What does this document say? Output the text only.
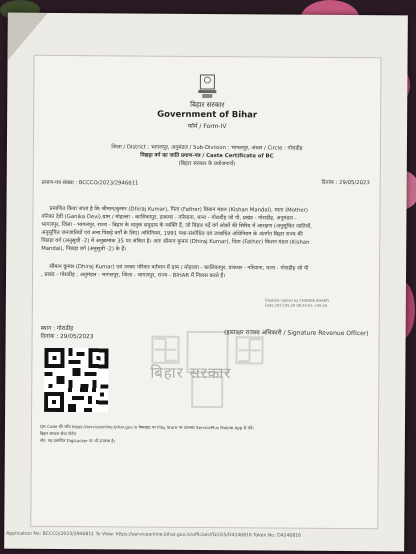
बिहार सरकार
Government of Bihar
फॉर्म / Form-IV
जिला / District : भागलपुर, अनुमंडल / Sub-Division : भागलपुर, अंचल / Circle : गोराडीह
पिछड़ा वर्ग का जाति प्रमाण-पत्र / Caste Certificate of BC
(बिहार सरकार के प्रयोजनार्थ)
प्रमाण-पत्र संख्या : BCCCO/2023/2946811	दिनांक : 29/05/2023
प्रमाणित किया जाता है कि श्रीमान/कुमार (Dhiraj Kumar), पिता (Father) किशन मंडल (Kishan Mandal), माता (Mother)
गनिका देवी (Ganika Devi),ग्राम / मोहल्ला - कालिकापुर, डाकघर - नरियाना, थाना - गोराडीह जो पी, प्रखंड - गोराडीह, अनुमंडल -
भागलपुर, जिला - भागलपुर, राज्य - बिहार के धानुक समुदाय के व्यक्ति हैं, जो बिहार पर्दे वर्ग लोकों की सिरिय में आरक्षण (अनुसूचित जातियों,
अनुसूचित जनजातियों एवं अन्य पिछड़े वर्गों के लिए) अधिनियम, 1991 यथा-संशोधित एवं उपबंधित अधिनियम के अंतर्गत बिहार राज्य की
पिछड़ा वर्ग (अनुसूची -2) में अनुक्रमांक 35 पर अंकित है। अतः श्रीमान कुमार (Dhiraj Kumar), पिता (Father) किशन मंडल (Kishan
Mandal), पिछड़ा वर्ग (अनुसूची -2) के हैं।
श्रीमान कुमार (Dhiraj Kumar) एवं उनका परिवार वर्तमान में ग्राम / मोहल्ला - कालिकापुर, डाकघर - नरियाना, थाना - गोराडीह जो पी
, प्रखंड - गोराडीह , अनुमंडल - भागलपुर, जिला - भागलपुर, राज्य - BIHAR में निवास करते हैं।
Digitally signed by CHANDA BHARTI
Date:2023.05.29 08:30:53 +05:30
स्थान : गोराडीह
दिनांक : 29/05/2023	(हस्ताक्षर राजस्व अधिकारी / Signature Revenue Officer)
बिहार सरकार
QR Code की जाँच https://serviceonline.bihar.gov.in वेबसाइट पर Play Store पर उपलब्ध ServicePlus Mobile App से करें।
बिहार सरकार सेवा पोर्टल
नोट: यह प्रमाणित DigiLocker पर भी उपलब्ध है।
Application No: BCCCO/2023/2946811 To View: https://serviceonline.bihar.gov.in/officials/fGl/2i5/D4246816 Token No: D4246816
